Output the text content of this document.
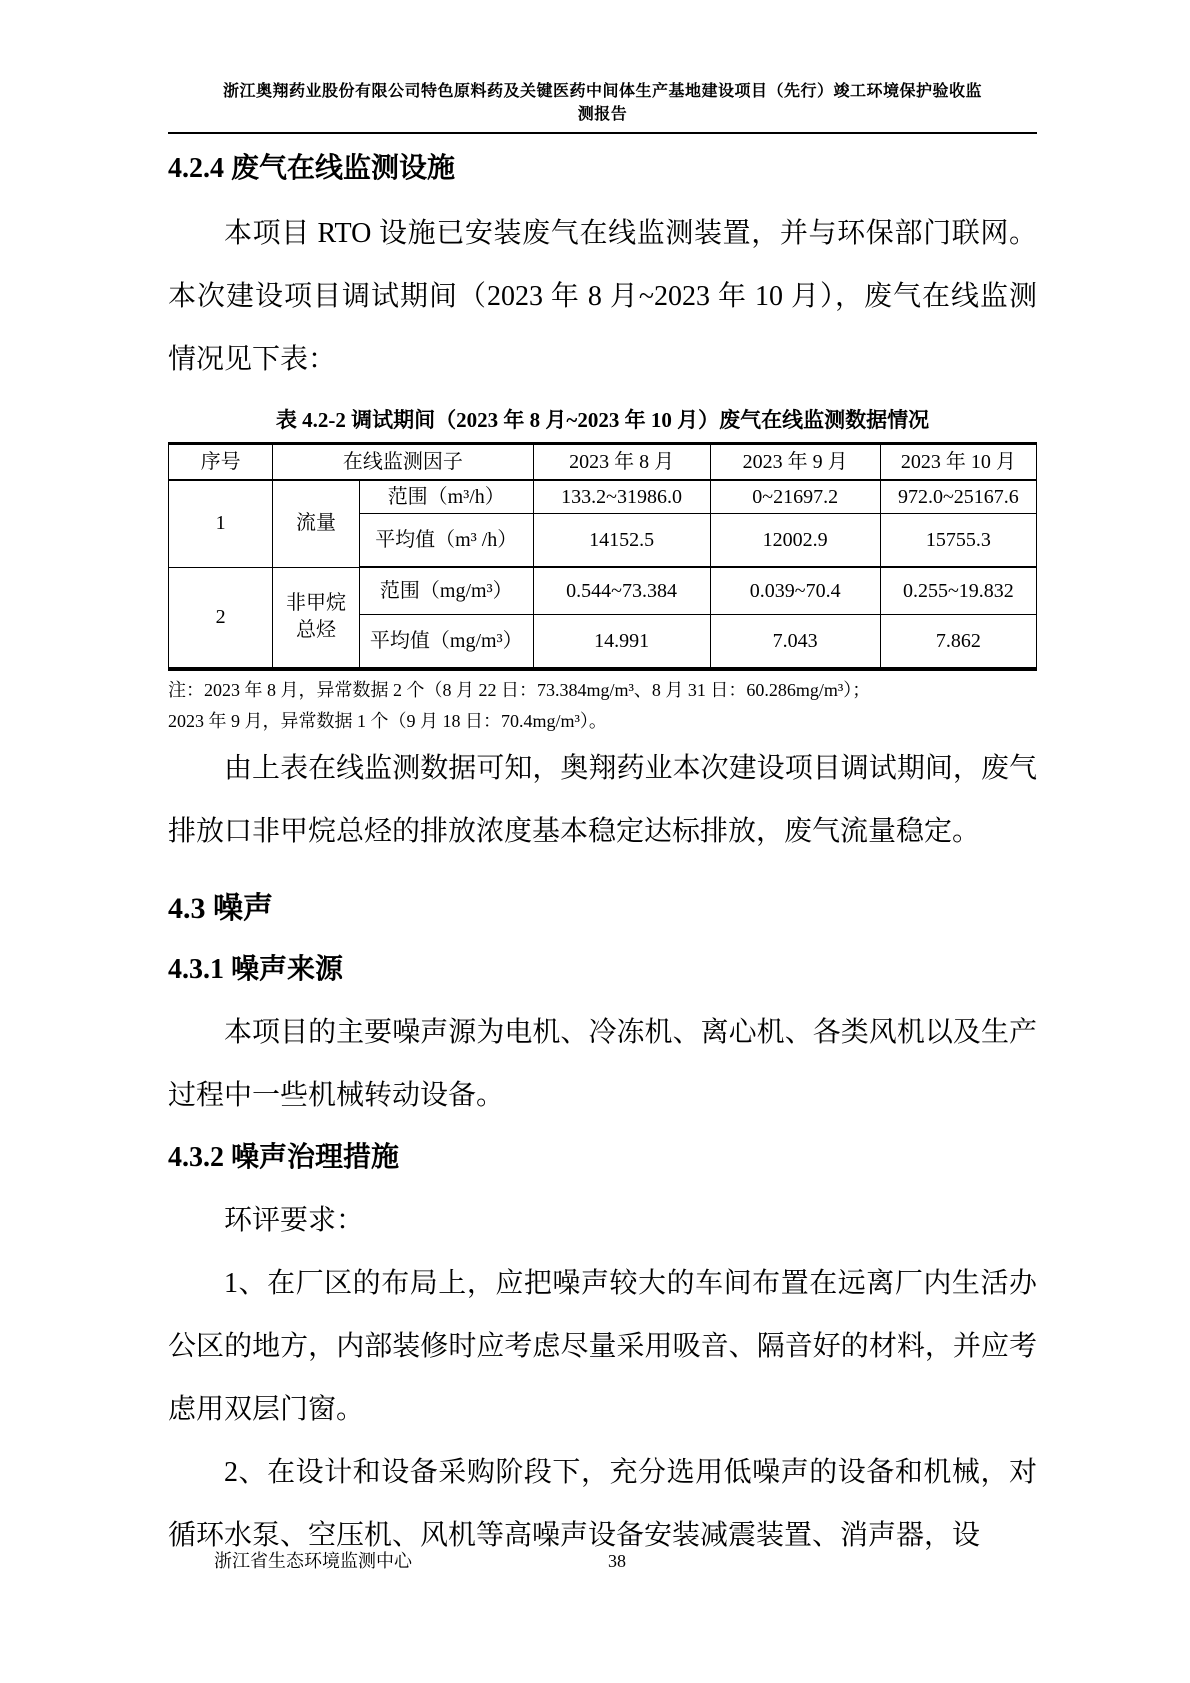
浙江奥翔药业股份有限公司特色原料药及关键医药中间体生产基地建设项目（先行）竣工环境保护验收监
测报告
4.2.4 废气在线监测设施

本项目 RTO 设施已安装废气在线监测装置，并与环保部门联网。本次建设项目调试期间（2023 年 8 月~2023 年 10 月），废气在线监测情况见下表：

表 4.2-2 调试期间（2023 年 8 月~2023 年 10 月）废气在线监测数据情况
序号	在线监测因子		2023 年 8 月	2023 年 9 月	2023 年 10 月
1	流量	范围（m³/h）	133.2~31986.0	0~21697.2	972.0~25167.6
		平均值（m³ /h）	14152.5	12002.9	15755.3
2	非甲烷总烃	范围（mg/m³）	0.544~73.384	0.039~70.4	0.255~19.832
		平均值（mg/m³）	14.991	7.043	7.862
注：2023 年 8 月，异常数据 2 个（8 月 22 日：73.384mg/m³、8 月 31 日：60.286mg/m³）；
2023 年 9 月，异常数据 1 个（9 月 18 日：70.4mg/m³）。

由上表在线监测数据可知，奥翔药业本次建设项目调试期间，废气排放口非甲烷总烃的排放浓度基本稳定达标排放，废气流量稳定。

4.3 噪声
4.3.1 噪声来源

本项目的主要噪声源为电机、冷冻机、离心机、各类风机以及生产过程中一些机械转动设备。

4.3.2 噪声治理措施

环评要求：

1、在厂区的布局上，应把噪声较大的车间布置在远离厂内生活办公区的地方，内部装修时应考虑尽量采用吸音、隔音好的材料，并应考虑用双层门窗。

2、在设计和设备采购阶段下，充分选用低噪声的设备和机械，对循环水泵、空压机、风机等高噪声设备安装减震装置、消声器，设

浙江省生态环境监测中心	38
